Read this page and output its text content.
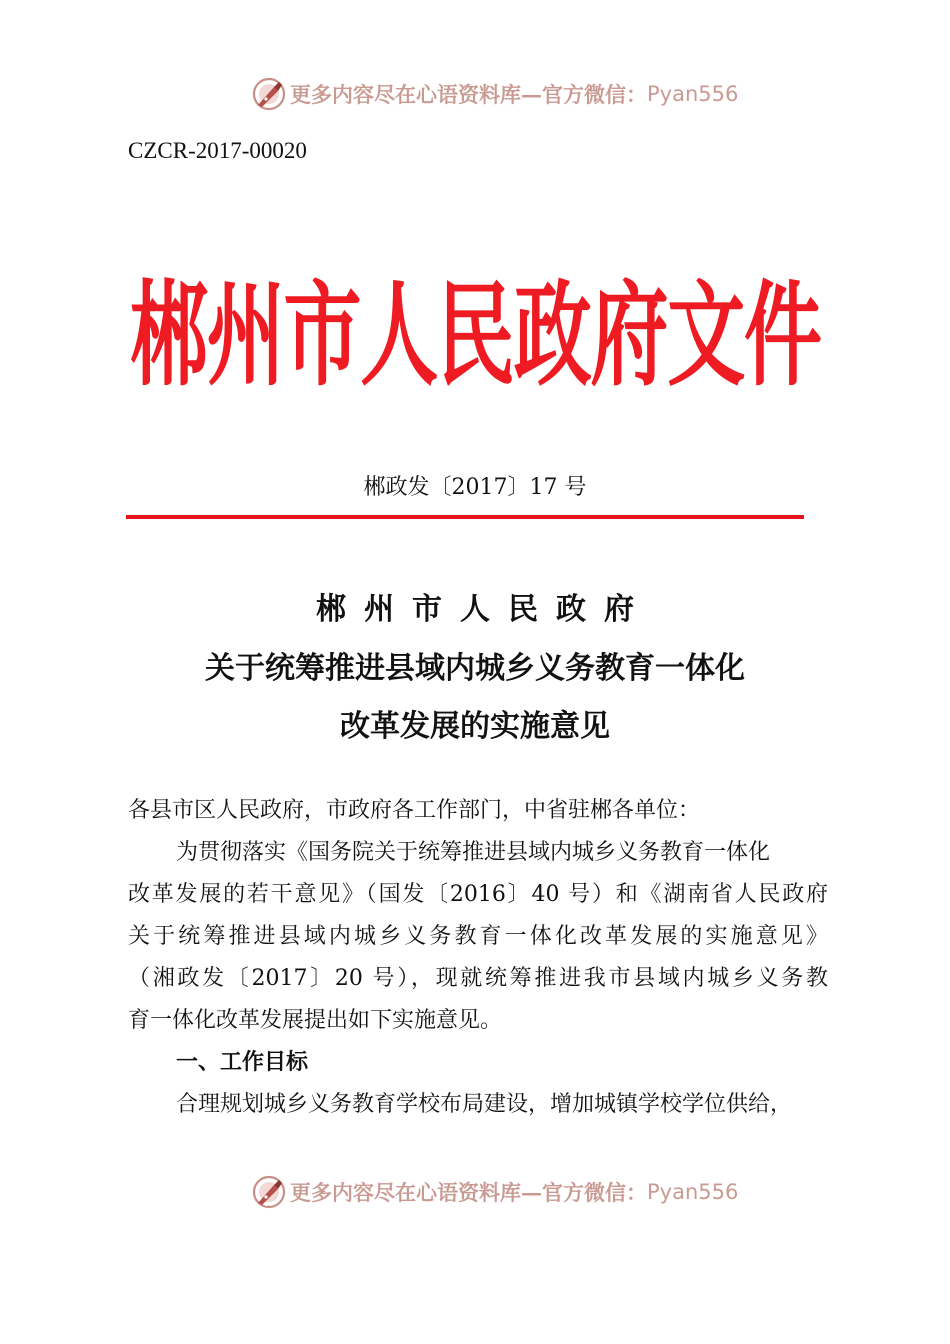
更多内容尽在心语资料库—官方微信： Pyan556
CZCR-2017-00020
郴
州
市
人
民
政
府
文
件
郴政发〔2017〕17 号
郴州市人民政府
关于统筹推进县域内城乡义务教育一体化
改革发展的实施意见
各县市区人民政府，市政府各工作部门，中省驻郴各单位：
为贯彻落实《国务院关于统筹推进县域内城乡义务教育一体化
改革发展的若干意见》（国发〔2016〕40 号）和《湖南省人民政府
关于统筹推进县域内城乡义务教育一体化改革发展的实施意见》
（湘政发〔2017〕20 号），现就统筹推进我市县域内城乡义务教
育一体化改革发展提出如下实施意见。
一、工作目标
合理规划城乡义务教育学校布局建设，增加城镇学校学位供给，
更多内容尽在心语资料库—官方微信： Pyan556
